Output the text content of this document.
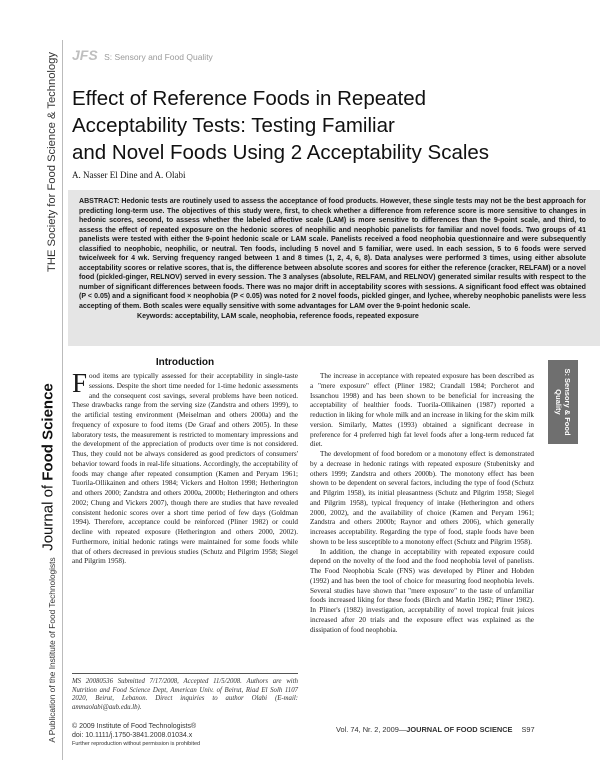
THE Society for Food Science & Technology
Journal of Food Science
A Publication of the Institute of Food Technologists
JFS S: Sensory and Food Quality
Effect of Reference Foods in Repeated
Acceptability Tests: Testing Familiar
and Novel Foods Using 2 Acceptability Scales
A. Nasser El Dine and A. Olabi
ABSTRACT: Hedonic tests are routinely used to assess the acceptance of food products. However, these single tests may not be the best approach for predicting long-term use. The objectives of this study were, first, to check whether a difference from reference score is more sensitive to changes in hedonic scores, second, to assess whether the labeled affective scale (LAM) is more sensitive to differences than the 9-point scale, and third, to assess the effect of repeated exposure on the hedonic scores of neophilic and neophobic panelists for familiar and novel foods. Two groups of 41 panelists were tested with either the 9-point hedonic scale or LAM scale. Panelists received a food neophobia questionnaire and were subsequently classified to neophobic, neophilic, or neutral. Ten foods, including 5 novel and 5 familiar, were used. In each session, 5 to 6 foods were served twice/week for 4 wk. Serving frequency ranged between 1 and 8 times (1, 2, 4, 6, 8). Data analyses were performed 3 times, using either absolute acceptability scores or relative scores, that is, the difference between absolute scores and scores for either the reference (cracker, RELFAM) or a novel food (pickled-ginger, RELNOV) served in every session. The 3 analyses (absolute, RELFAM, and RELNOV) generated similar results with respect to the number of significant differences between foods. There was no major drift in acceptability scores with sessions. A significant food effect was obtained (P < 0.05) and a significant food × neophobia (P < 0.05) was noted for 2 novel foods, pickled ginger, and lychee, whereby neophobic panelists were less accepting of them. Both scales were equally sensitive with some advantages for LAM over the 9-point hedonic scale.
Keywords: acceptability, LAM scale, neophobia, reference foods, repeated exposure
Introduction

Food items are typically assessed for their acceptability in single-taste sessions. Despite the short time needed for 1-time hedonic assessments and the consequent cost savings, several problems have been noticed. These drawbacks range from the serving size (Zandstra and others 1999), to the artificial testing environment (Meiselman and others 2000a) and the frequency of exposure to food items (De Graaf and others 2005). In these laboratory tests, the measurement is restricted to momentary impressions and the development of the appreciation of products over time is not considered. Thus, they could not be always considered as good predictors of consumers' behavior toward foods in real-life situations. Accordingly, the acceptability of foods may change after repeated consumption (Kamen and Peryam 1961; Tuorila-Ollikainen and others 1984; Vickers and Holton 1998; Hetherington and others 2000; Zandstra and others 2000a, 2000b; Hetherington and others 2002; Chung and Vickers 2007), though there are studies that have revealed consistent hedonic scores over a short time period of few days (Goldman 1994). Therefore, acceptance could be reinforced (Pliner 1982) or could decline with repeated exposure (Hetherington and others 2000, 2002). Furthermore, initial hedonic ratings were maintained for some foods while that of others decreased in previous studies (Schutz and Pilgrim 1958; Siegel and Pilgrim 1958).

The increase in acceptance with repeated exposure has been described as a "mere exposure" effect (Pliner 1982; Crandall 1984; Porcherot and Issanchou 1998) and has been shown to be beneficial for increasing the acceptability of healthier foods. Tuorila-Ollikainen (1987) reported a reduction in liking for whole milk and an increase in liking for the skim milk version. Similarly, Mattes (1993) obtained a significant decrease in preference for 4 preferred high fat level foods after a long-term reduced fat diet.

The development of food boredom or a monotony effect is demonstrated by a decrease in hedonic ratings with repeated exposure (Stubenitsky and others 1999; Zandstra and others 2000b). The monotony effect has been shown to be dependent on several factors, including the type of food (Schutz and Pilgrim 1958), its initial pleasantness (Schutz and Pilgrim 1958; Siegel and Pilgrim 1958), typical frequency of intake (Hetherington and others 2000, 2002), and the availability of choice (Kamen and Peryam 1961; Zandstra and others 2000b; Raynor and others 2006), which generally increases acceptability. Regarding the type of food, staple foods have been shown to be less susceptible to a monotony effect (Schutz and Pilgrim 1958).

In addition, the change in acceptability with repeated exposure could depend on the novelty of the food and the food neophobia level of panelists. The Food Neophobia Scale (FNS) was developed by Pliner and Hobden (1992) and has been the tool of choice for measuring food neophobia levels. Several studies have shown that "mere exposure" to the taste of unfamiliar foods increased liking for these foods (Birch and Marlin 1982; Pliner 1982). In Pliner's (1982) investigation, acceptability of novel tropical fruit juices increased after 20 trials and the exposure effect was explained as the dissipation of food neophobia.

S: Sensory & Food
Quality
MS 20080536 Submitted 7/17/2008, Accepted 11/5/2008. Authors are with Nutrition and Food Science Dept, American Univ. of Beirut, Riad El Solh 1107 2020, Beirut, Lebanon. Direct inquiries to author Olabi (E-mail: ammaolabi@aub.edu.lb).
© 2009 Institute of Food Technologists®
doi: 10.1111/j.1750-3841.2008.01034.x
Further reproduction without permission is prohibited
Vol. 74, Nr. 2, 2009—JOURNAL OF FOOD SCIENCE S97
